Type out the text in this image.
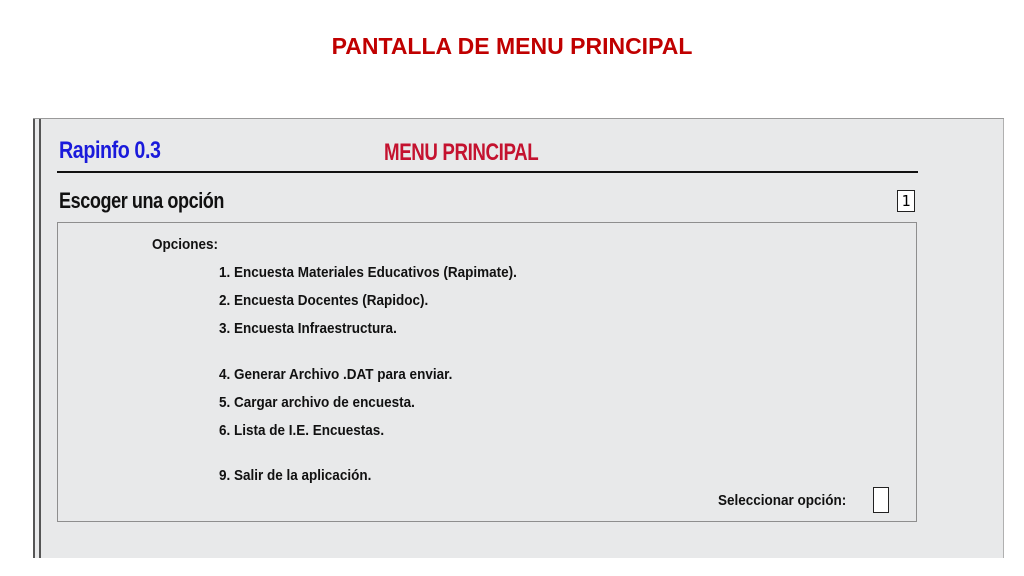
PANTALLA DE MENU PRINCIPAL
Rapinfo 0.3	MENU PRINCIPAL
Escoger una opción	1
Opciones:
1. Encuesta Materiales Educativos (Rapimate).
2. Encuesta Docentes (Rapidoc).
3. Encuesta Infraestructura.
4. Generar Archivo .DAT para enviar.
5. Cargar archivo de encuesta.
6. Lista de I.E. Encuestas.
9. Salir de la aplicación.
Seleccionar opción:
